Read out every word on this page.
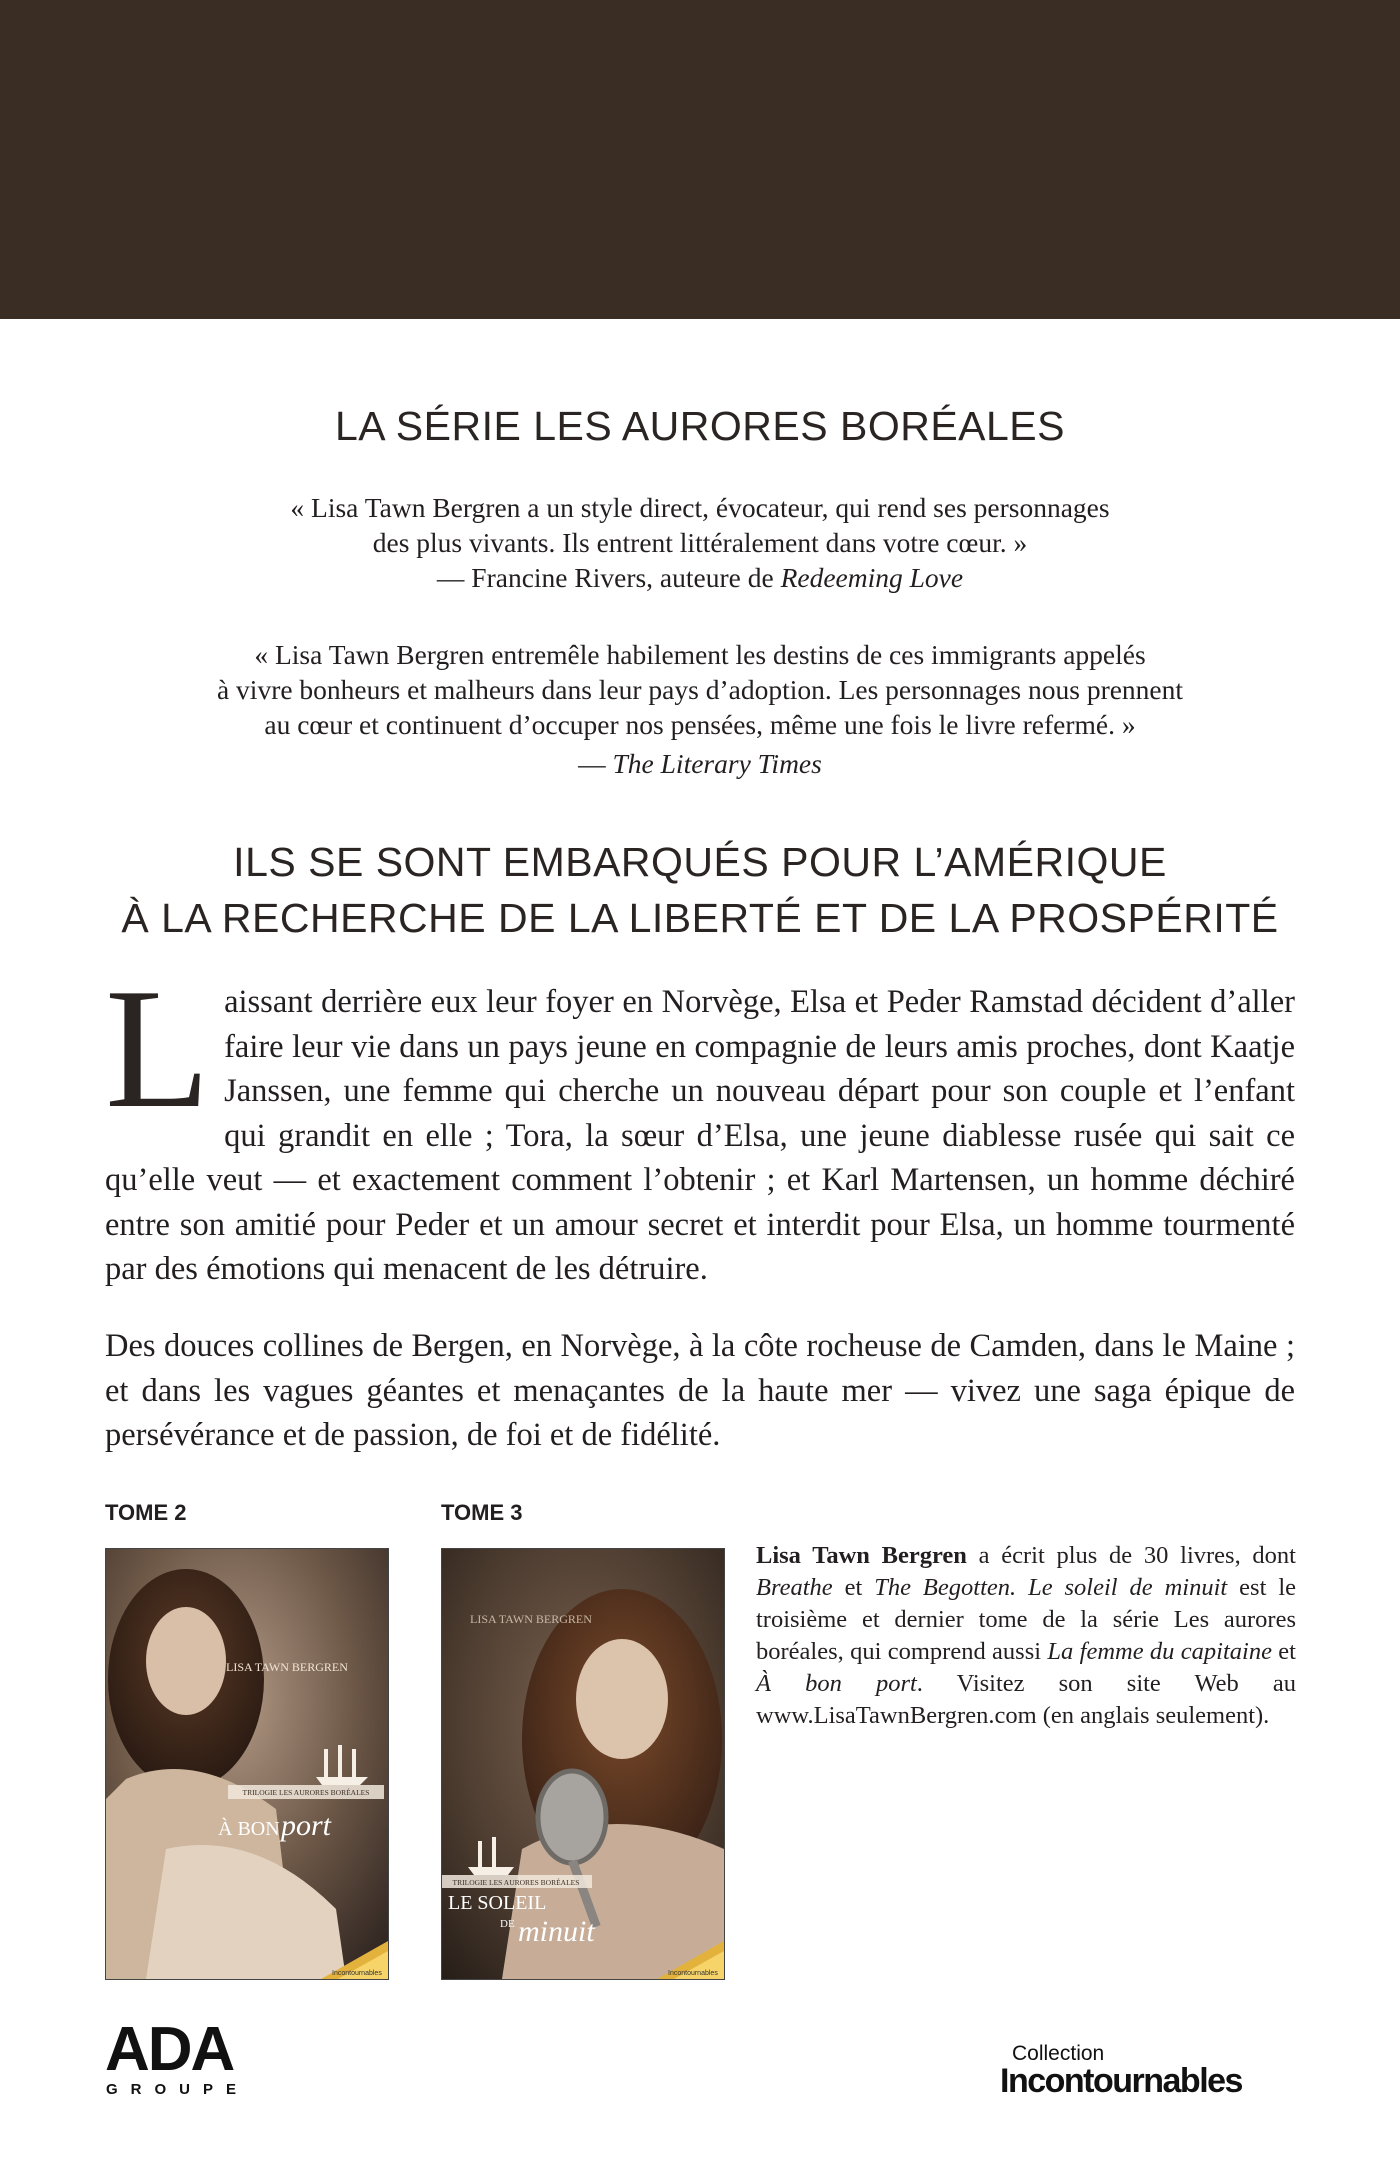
LA SÉRIE LES AURORES BORÉALES
« Lisa Tawn Bergren a un style direct, évocateur, qui rend ses personnages
des plus vivants. Ils entrent littéralement dans votre cœur. »
— Francine Rivers, auteure de Redeeming Love
« Lisa Tawn Bergren entremêle habilement les destins de ces immigrants appelés
à vivre bonheurs et malheurs dans leur pays d’adoption. Les personnages nous prennent
au cœur et continuent d’occuper nos pensées, même une fois le livre refermé. »
— The Literary Times
ILS SE SONT EMBARQUÉS POUR L’AMÉRIQUE
À LA RECHERCHE DE LA LIBERTÉ ET DE LA PROSPÉRITÉ
Laissant derrière eux leur foyer en Norvège, Elsa et Peder Ramstad décident d’aller faire leur vie dans un pays jeune en compagnie de leurs amis proches, dont Kaatje Janssen, une femme qui cherche un nouveau départ pour son couple et l’enfant qui grandit en elle ; Tora, la sœur d’Elsa, une jeune diablesse rusée qui sait ce qu’elle veut — et exactement comment l’obtenir ; et Karl Martensen, un homme déchiré entre son amitié pour Peder et un amour secret et interdit pour Elsa, un homme tourmenté par des émotions qui menacent de les détruire.
Des douces collines de Bergen, en Norvège, à la côte rocheuse de Camden, dans le Maine ; et dans les vagues géantes et menaçantes de la haute mer — vivez une saga épique de persévérance et de passion, de foi et de fidélité.
TOME 2
TRILOGIE LES AURORES BORÉALES
LISA TAWN BERGREN
À BON port
Incontournables
TOME 3
LISA TAWN BERGREN
TRILOGIE LES AURORES BORÉALES
LE SOLEIL
DE minuit
Incontournables
Lisa Tawn Bergren a écrit plus de 30 livres, dont Breathe et The Begotten. Le soleil de minuit est le troisième et dernier tome de la série Les aurores boréales, qui comprend aussi La femme du capitaine et À bon port. Visitez son site Web au www.LisaTawnBergren.com (en anglais seulement).
ADA
GROUPE
Collection
Incontournables
